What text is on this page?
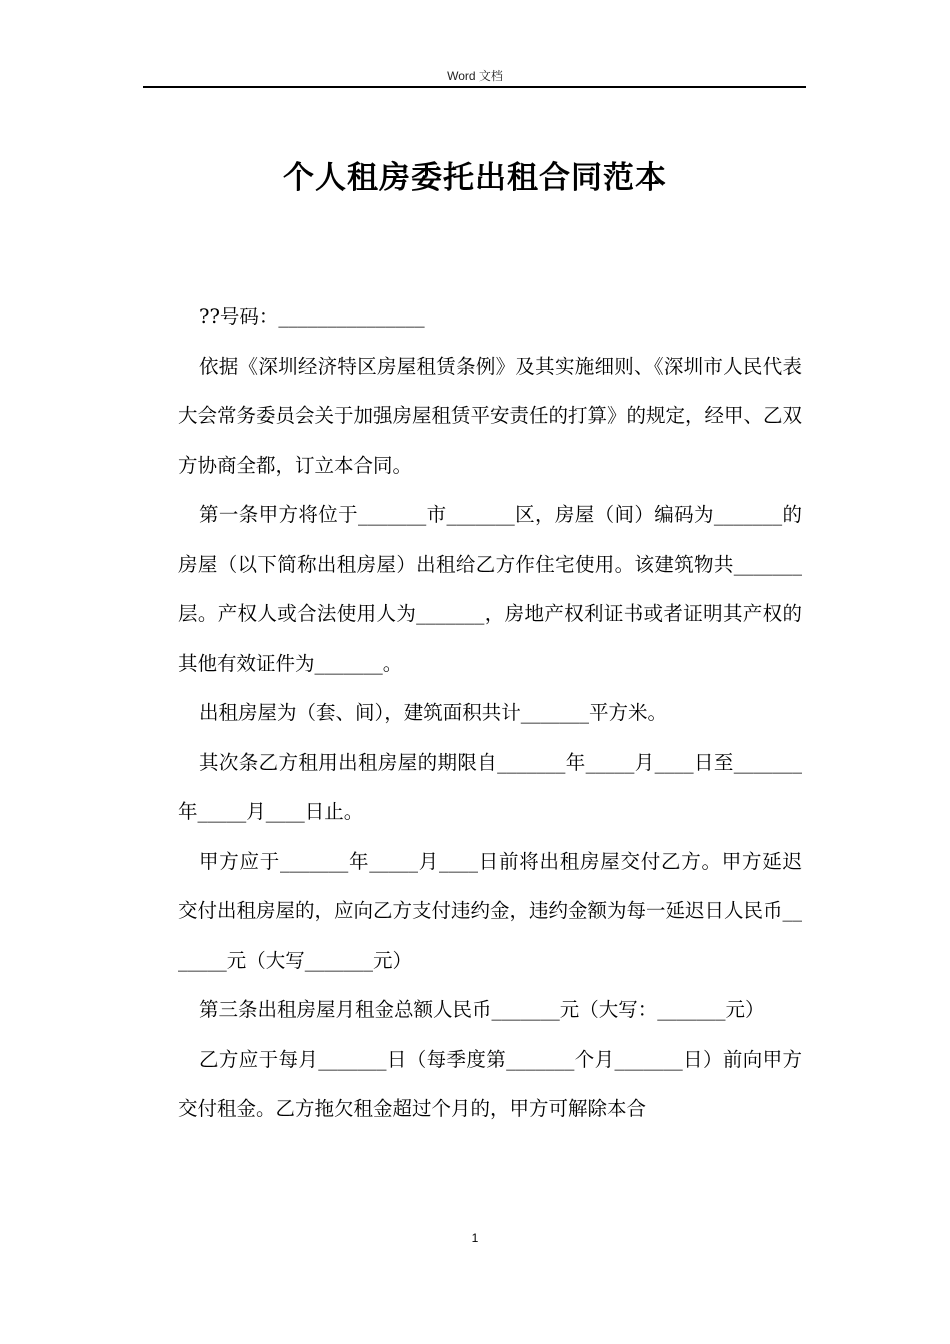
Word 文档
个人租房委托出租合同范本

??号码：_______________

依据《深圳经济特区房屋租赁条例》及其实施细则、《深圳市人民代表大会常务委员会关于加强房屋租赁平安责任的打算》的规定，经甲、乙双方协商全都，订立本合同。

第一条甲方将位于_______市_______区，房屋（间）编码为_______的房屋（以下简称出租房屋）出租给乙方作住宅使用。该建筑物共_______层。产权人或合法使用人为_______，房地产权利证书或者证明其产权的其他有效证件为_______。

出租房屋为（套、间），建筑面积共计_______平方米。

其次条乙方租用出租房屋的期限自_______年_____月____日至_______年_____月____日止。

甲方应于_______年_____月____日前将出租房屋交付乙方。甲方延迟交付出租房屋的，应向乙方支付违约金，违约金额为每一延迟日人民币_______元（大写_______元）

第三条出租房屋月租金总额人民币_______元（大写：_______元）

乙方应于每月_______日（每季度第_______个月_______日）前向甲方交付租金。乙方拖欠租金超过个月的，甲方可解除本合

1
